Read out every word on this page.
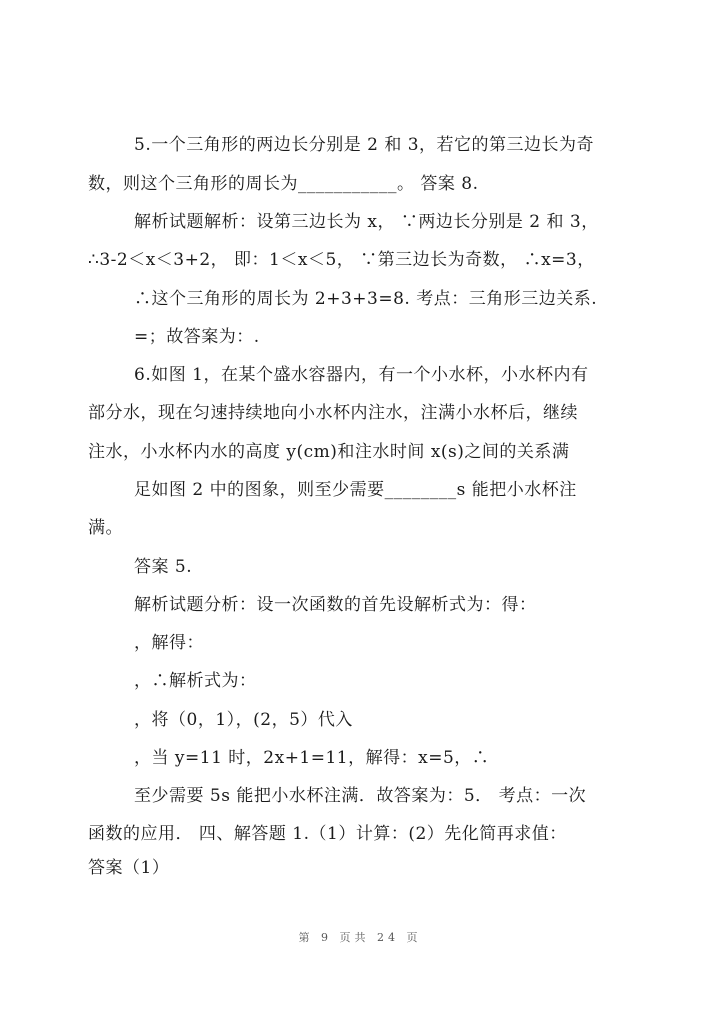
5.一个三角形的两边长分别是 2 和 3，若它的第三边长为奇
数，则这个三角形的周长为___________。 答案 8.
解析试题解析：设第三边长为 x， ∵两边长分别是 2 和 3，
∴3-2＜x＜3+2， 即：1＜x＜5， ∵第三边长为奇数， ∴x=3，
∴这个三角形的周长为 2+3+3=8. 考点：三角形三边关系.
=；故答案为：.
6.如图 1，在某个盛水容器内，有一个小水杯，小水杯内有
部分水，现在匀速持续地向小水杯内注水，注满小水杯后，继续
注水，小水杯内水的高度 y(cm)和注水时间 x(s)之间的关系满
足如图 2 中的图象，则至少需要________s 能把小水杯注
满。
答案 5.
解析试题分析：设一次函数的首先设解析式为：得：
，解得：
，∴解析式为：
，将（0，1），(2，5）代入
，当 y=11 时，2x+1=11，解得：x=5，∴
至少需要 5s 能把小水杯注满．故答案为：5． 考点：一次
函数的应用． 四、解答题 1.（1）计算：(2）先化简再求值：
答案（1）
第 9 页共 24 页
